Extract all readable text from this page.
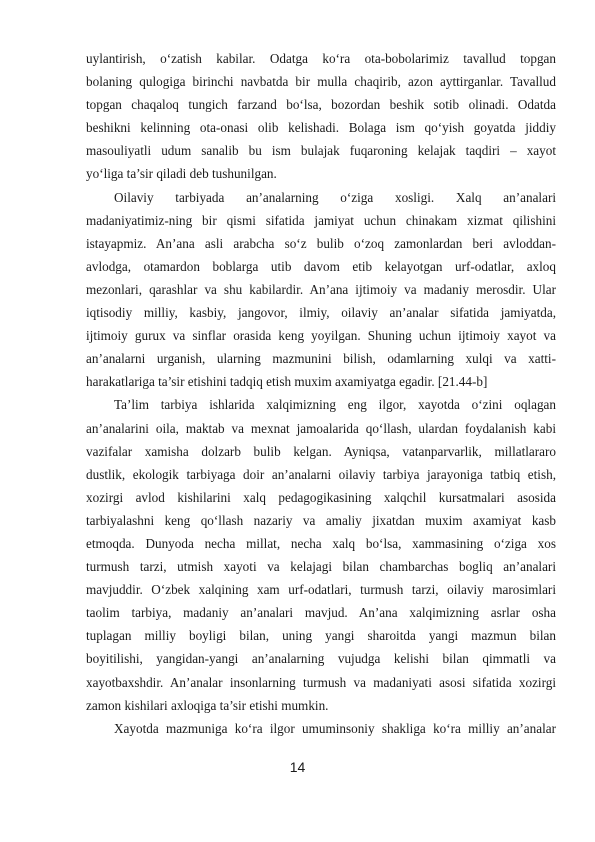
uylantirish, o‘zatish kabilar. Odatga ko‘ra ota-bobolarimiz tavallud topgan
bolaning qulogiga birinchi navbatda bir mulla chaqirib, azon ayttirganlar. Tavallud
topgan chaqaloq tungich farzand bo‘lsa, bozordan beshik sotib olinadi. Odatda
beshikni kelinning ota-onasi olib kelishadi. Bolaga ism qo‘yish goyatda jiddiy
masouliyatli udum sanalib bu ism bulajak fuqaroning kelajak taqdiri – xayot
yo‘liga ta’sir qiladi deb tushunilgan.
Oilaviy tarbiyada an’analarning o‘ziga xosligi. Xalq an’analari
madaniyatimiz-ning bir qismi sifatida jamiyat uchun chinakam xizmat qilishini
istayapmiz. An’ana asli arabcha so‘z bulib o‘zoq zamonlardan beri avloddan-
avlodga, otamardon boblarga utib davom etib kelayotgan urf-odatlar, axloq
mezonlari, qarashlar va shu kabilardir. An’ana ijtimoiy va madaniy merosdir. Ular
iqtisodiy milliy, kasbiy, jangovor, ilmiy, oilaviy an’analar sifatida jamiyatda,
ijtimoiy gurux va sinflar orasida keng yoyilgan. Shuning uchun ijtimoiy xayot va
an’analarni urganish, ularning mazmunini bilish, odamlarning xulqi va xatti-
harakatlariga ta’sir etishini tadqiq etish muxim axamiyatga egadir. [21.44-b]
Ta’lim tarbiya ishlarida xalqimizning eng ilgor, xayotda o‘zini oqlagan
an’analarini oila, maktab va mexnat jamoalarida qo‘llash, ulardan foydalanish kabi
vazifalar xamisha dolzarb bulib kelgan. Ayniqsa, vatanparvarlik, millatlararo
dustlik, ekologik tarbiyaga doir an’analarni oilaviy tarbiya jarayoniga tatbiq etish,
xozirgi avlod kishilarini xalq pedagogikasining xalqchil kursatmalari asosida
tarbiyalashni keng qo‘llash nazariy va amaliy jixatdan muxim axamiyat kasb
etmoqda. Dunyoda necha millat, necha xalq bo‘lsa, xammasining o‘ziga xos
turmush tarzi, utmish xayoti va kelajagi bilan chambarchas bogliq an’analari
mavjuddir. O‘zbek xalqining xam urf-odatlari, turmush tarzi, oilaviy marosimlari
taolim tarbiya, madaniy an’analari mavjud. An’ana xalqimizning asrlar osha
tuplagan milliy boyligi bilan, uning yangi sharoitda yangi mazmun bilan
boyitilishi, yangidan-yangi an’analarning vujudga kelishi bilan qimmatli va
xayotbaxshdir. An’analar insonlarning turmush va madaniyati asosi sifatida xozirgi
zamon kishilari axloqiga ta’sir etishi mumkin.
Xayotda mazmuniga ko‘ra ilgor umuminsoniy shakliga ko‘ra milliy an’analar
14
